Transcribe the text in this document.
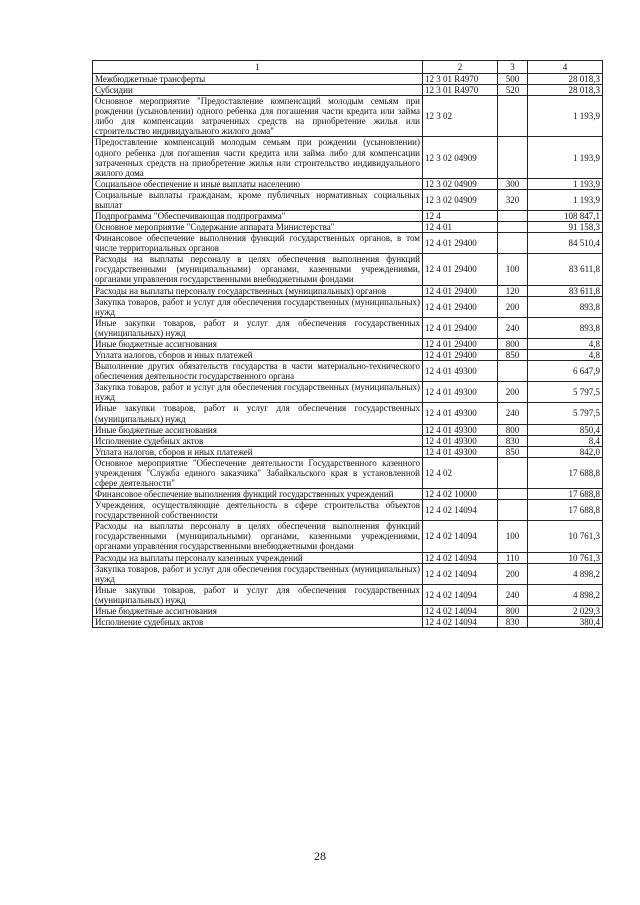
1	2	3	4
Межбюджетные трансферты	12 3 01 R4970	500	28 018,3
Субсидии	12 3 01 R4970	520	28 018,3
Основное мероприятие "Предоставление компенсаций молодым семьям при рождении (усыновлении) одного ребенка для погашения части кредита или займа либо для компенсации затраченных средств на приобретение жилья или строительство индивидуального жилого дома"	12 3 02		1 193,9
Предоставление компенсаций молодым семьям при рождении (усыновлении) одного ребенка для погашения части кредита или займа либо для компенсации затраченных средств на приобретение жилья или строительство индивидуального жилого дома	12 3 02 04909		1 193,9
Социальное обеспечение и иные выплаты населению	12 3 02 04909	300	1 193,9
Социальные выплаты гражданам, кроме публичных нормативных социальных выплат	12 3 02 04909	320	1 193,9
Подпрограмма "Обеспечивающая подпрограмма"	12 4		108 847,1
Основное мероприятие "Содержание аппарата Министерства"	12 4 01		91 158,3
Финансовое обеспечение выполнения функций государственных органов, в том числе территориальных органов	12 4 01 29400		84 510,4
Расходы на выплаты персоналу в целях обеспечения выполнения функций государственными (муниципальными) органами, казенными учреждениями, органами управления государственными внебюджетными фондами	12 4 01 29400	100	83 611,8
Расходы на выплаты персоналу государственных (муниципальных) органов	12 4 01 29400	120	83 611,8
Закупка товаров, работ и услуг для обеспечения государственных (муниципальных) нужд	12 4 01 29400	200	893,8
Иные закупки товаров, работ и услуг для обеспечения государственных (муниципальных) нужд	12 4 01 29400	240	893,8
Иные бюджетные ассигнования	12 4 01 29400	800	4,8
Уплата налогов, сборов и иных платежей	12 4 01 29400	850	4,8
Выполнение других обязательств государства в части материально-технического обеспечения деятельности государственного органа	12 4 01 49300		6 647,9
Закупка товаров, работ и услуг для обеспечения государственных (муниципальных) нужд	12 4 01 49300	200	5 797,5
Иные закупки товаров, работ и услуг для обеспечения государственных (муниципальных) нужд	12 4 01 49300	240	5 797,5
Иные бюджетные ассигнования	12 4 01 49300	800	850,4
Исполнение судебных актов	12 4 01 49300	830	8,4
Уплата налогов, сборов и иных платежей	12 4 01 49300	850	842,0
Основное мероприятие "Обеспечение деятельности Государственного казенного учреждения "Служба единого заказчика" Забайкальского края в установленной сфере деятельности"	12 4 02		17 688,8
Финансовое обеспечение выполнения функций государственных учреждений	12 4 02 10000		17 688,8
Учреждения, осуществляющие деятельность в сфере строительства объектов государственной собственности	12 4 02 14094		17 688,8
Расходы на выплаты персоналу в целях обеспечения выполнения функций государственными (муниципальными) органами, казенными учреждениями, органами управления государственными внебюджетными фондами	12 4 02 14094	100	10 761,3
Расходы на выплаты персоналу казенных учреждений	12 4 02 14094	110	10 761,3
Закупка товаров, работ и услуг для обеспечения государственных (муниципальных) нужд	12 4 02 14094	200	4 898,2
Иные закупки товаров, работ и услуг для обеспечения государственных (муниципальных) нужд	12 4 02 14094	240	4 898,2
Иные бюджетные ассигнования	12 4 02 14094	800	2 029,3
Исполнение судебных актов	12 4 02 14094	830	380,4
28
